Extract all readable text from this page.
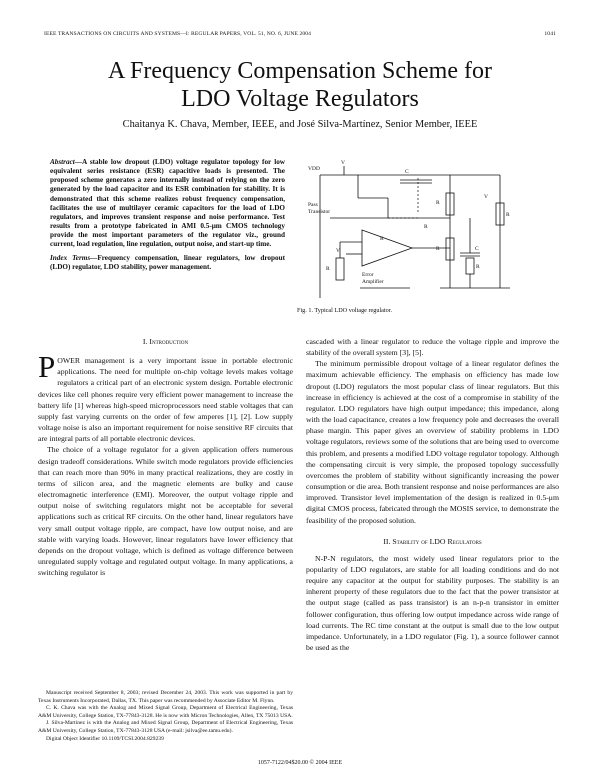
IEEE TRANSACTIONS ON CIRCUITS AND SYSTEMS—I: REGULAR PAPERS, VOL. 51, NO. 6, JUNE 2004	1041
A Frequency Compensation Scheme for
LDO Voltage Regulators
Chaitanya K. Chava, Member, IEEE, and José Silva-Martínez, Senior Member, IEEE
Abstract—A stable low dropout (LDO) voltage regulator topology for low equivalent series resistance (ESR) capacitive loads is presented. The proposed scheme generates a zero internally instead of relying on the zero generated by the load capacitor and its ESR combination for stability. It is demonstrated that this scheme realizes robust frequency compensation, facilitates the use of multilayer ceramic capacitors for the load of LDO regulators, and improves transient response and noise performance. Test results from a prototype fabricated in AMI 0.5-μm CMOS technology provide the most important parameters of the regulator viz., ground current, load regulation, line regulation, output noise, and start-up time.
Index Terms—Frequency compensation, linear regulators, low dropout (LDO) regulator, LDO stability, power management.
VDD
V
Pass
Transistor
C
R
R
R
R
Error
Amplifier
C
R
R
V
R
V
Fig. 1. Typical LDO voltage regulator.
I. Introduction

POWER management is a very important issue in portable electronic applications. The need for multiple on-chip voltage levels makes voltage regulators a critical part of an electronic system design. Portable electronic devices like cell phones require very efficient power management to increase the battery life [1] whereas high-speed microprocessors need stable voltages that can supply fast varying currents on the order of few amperes [1], [2]. Low supply voltage noise is also an important requirement for noise sensitive RF circuits that are integral parts of all portable electronic devices.

The choice of a voltage regulator for a given application offers numerous design tradeoff considerations. While switch mode regulators provide efficiencies that can reach more than 90% in many practical realizations, they are costly in terms of silicon area, and the magnetic elements are bulky and cause electromagnetic interference (EMI). Moreover, the output voltage ripple and output noise of switching regulators might not be acceptable for several applications such as critical RF circuits. On the other hand, linear regulators have very small output voltage ripple, are compact, have low output noise, and are stable with varying loads. However, linear regulators have lower efficiency that depends on the dropout voltage, which is defined as voltage difference between unregulated supply voltage and regulated output voltage. In many applications, a switching regulator is

cascaded with a linear regulator to reduce the voltage ripple and improve the stability of the overall system [3], [5].

The minimum permissible dropout voltage of a linear regulator defines the maximum achievable efficiency. The emphasis on efficiency has made low dropout (LDO) regulators the most popular class of linear regulators. But this increase in efficiency is achieved at the cost of a compromise in stability of the regulator. LDO regulators have high output impedance; this impedance, along with the load capacitance, creates a low frequency pole and decreases the overall phase margin. This paper gives an overview of stability problems in LDO voltage regulators, reviews some of the solutions that are being used to overcome this problem, and presents a modified LDO voltage regulator topology. Although the compensating circuit is very simple, the proposed topology successfully overcomes the problem of stability without significantly increasing the power consumption or die area. Both transient response and noise performances are also improved. Transistor level implementation of the design is realized in 0.5-μm digital CMOS process, fabricated through the MOSIS service, to demonstrate the feasibility of the proposed solution.

II. Stability of LDO Regulators

N-P-N regulators, the most widely used linear regulators prior to the popularity of LDO regulators, are stable for all loading conditions and do not require any capacitor at the output for stability purposes. The stability is an inherent property of these regulators due to the fact that the power transistor at the output stage (called as pass transistor) is an n-p-n transistor in emitter follower configuration, thus offering low output impedance across wide range of load currents. The RC time constant at the output is small due to the low output impedance. Unfortunately, in a LDO regulator (Fig. 1), a source follower cannot be used as the

Manuscript received September 8, 2003; revised December 24, 2003. This work was supported in part by Texas Instruments Incorporated, Dallas, TX. This paper was recommended by Associate Editor M. Flynn.

C. K. Chava was with the Analog and Mixed Signal Group, Department of Electrical Engineering, Texas A&M University, College Station, TX-77843-3128. He is now with Micron Technologies, Allen, TX 75013 USA.

J. Silva-Martinez is with the Analog and Mixed Signal Group, Department of Electrical Engineering, Texas A&M University, College Station, TX-77843-3128 USA (e-mail: jsilva@ee.tamu.edu).

Digital Object Identifier 10.1109/TCSI.2004.829239

1057-7122/04$20.00 © 2004 IEEE
